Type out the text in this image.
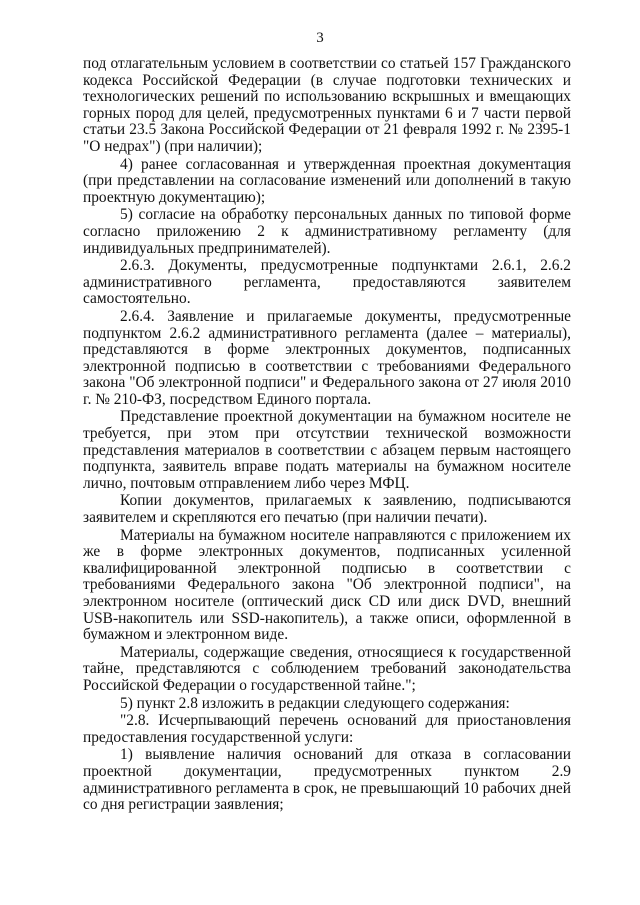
3

под отлагательным условием в соответствии со статьей 157 Гражданского кодекса Российской Федерации (в случае подготовки технических и технологических решений по использованию вскрышных и вмещающих горных пород для целей, предусмотренных пунктами 6 и 7 части первой статьи 23.5 Закона Российской Федерации от 21 февраля 1992 г. № 2395-1 "О недрах") (при наличии);

4) ранее согласованная и утвержденная проектная документация (при представлении на согласование изменений или дополнений в такую проектную документацию);

5) согласие на обработку персональных данных по типовой форме согласно приложению 2 к административному регламенту (для индивидуальных предпринимателей).

2.6.3. Документы, предусмотренные подпунктами 2.6.1, 2.6.2 административного регламента, предоставляются заявителем самостоятельно.

2.6.4. Заявление и прилагаемые документы, предусмотренные подпунктом 2.6.2 административного регламента (далее – материалы), представляются в форме электронных документов, подписанных электронной подписью в соответствии с требованиями Федерального закона "Об электронной подписи" и Федерального закона от 27 июля 2010 г. № 210-ФЗ, посредством Единого портала.

Представление проектной документации на бумажном носителе не требуется, при этом при отсутствии технической возможности представления материалов в соответствии с абзацем первым настоящего подпункта, заявитель вправе подать материалы на бумажном носителе лично, почтовым отправлением либо через МФЦ.

Копии документов, прилагаемых к заявлению, подписываются заявителем и скрепляются его печатью (при наличии печати).

Материалы на бумажном носителе направляются с приложением их же в форме электронных документов, подписанных усиленной квалифицированной электронной подписью в соответствии с требованиями Федерального закона "Об электронной подписи", на электронном носителе (оптический диск CD или диск DVD, внешний USB-накопитель или SSD-накопитель), а также описи, оформленной в бумажном и электронном виде.

Материалы, содержащие сведения, относящиеся к государственной тайне, представляются с соблюдением требований законодательства Российской Федерации о государственной тайне.";

5) пункт 2.8 изложить в редакции следующего содержания:

"2.8. Исчерпывающий перечень оснований для приостановления предоставления государственной услуги:

1) выявление наличия оснований для отказа в согласовании проектной документации, предусмотренных пунктом 2.9 административного регламента в срок, не превышающий 10 рабочих дней со дня регистрации заявления;
